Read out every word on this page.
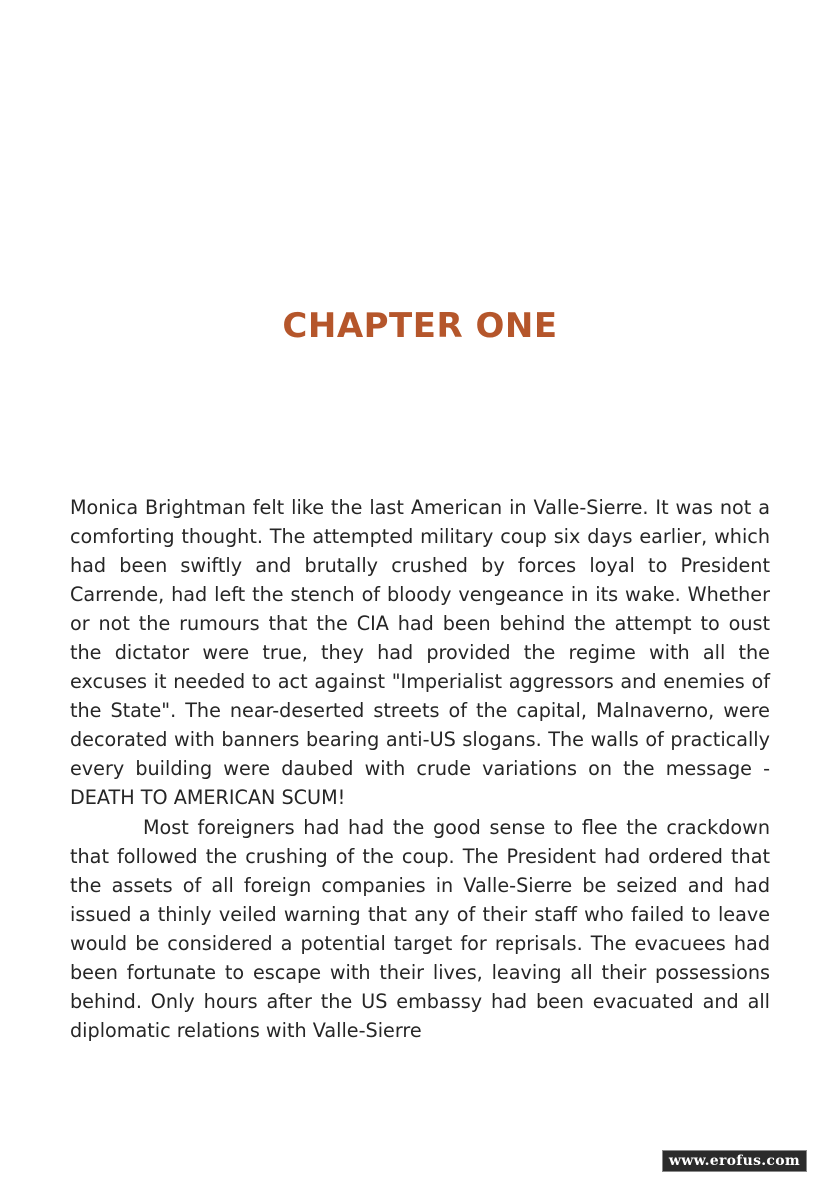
CHAPTER ONE

Monica Brightman felt like the last American in Valle-Sierre. It was not a comforting thought. The attempted military coup six days earlier, which had been swiftly and brutally crushed by forces loyal to President Carrende, had left the stench of bloody vengeance in its wake. Whether or not the rumours that the CIA had been behind the attempt to oust the dictator were true, they had provided the regime with all the excuses it needed to act against "Imperialist aggressors and enemies of the State". The near-deserted streets of the capital, Malnaverno, were decorated with banners bearing anti-US slogans. The walls of practically every building were daubed with crude variations on the message - DEATH TO AMERICAN SCUM!

Most foreigners had had the good sense to flee the crackdown that followed the crushing of the coup. The President had ordered that the assets of all foreign companies in Valle-Sierre be seized and had issued a thinly veiled warning that any of their staff who failed to leave would be considered a potential target for reprisals. The evacuees had been fortunate to escape with their lives, leaving all their possessions behind. Only hours after the US embassy had been evacuated and all diplomatic relations with Valle-Sierre

www.erofus.com
